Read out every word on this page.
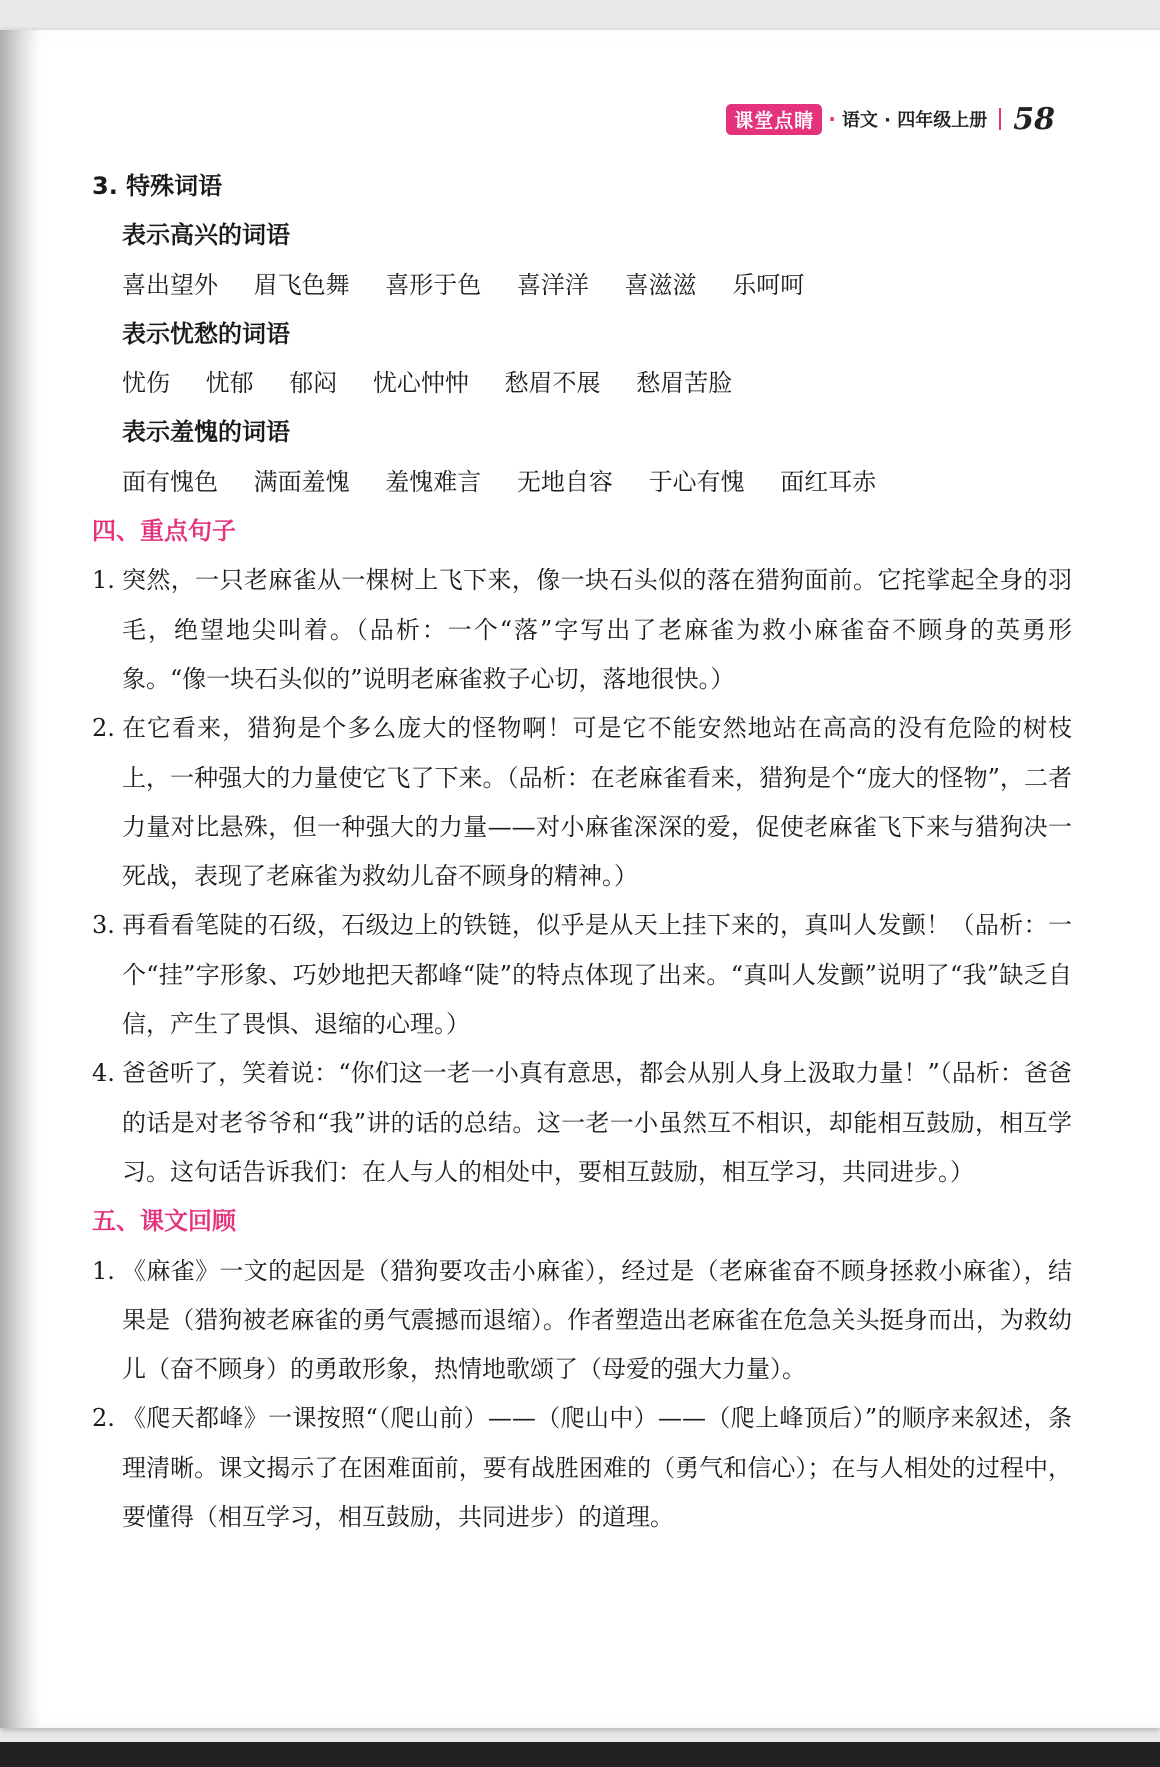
课堂点睛 · 语文 · 四年级上册 58
3. 特殊词语
表示高兴的词语
喜出望外 眉飞色舞 喜形于色 喜洋洋 喜滋滋 乐呵呵
表示忧愁的词语
忧伤 忧郁 郁闷 忧心忡忡 愁眉不展 愁眉苦脸
表示羞愧的词语
面有愧色 满面羞愧 羞愧难言 无地自容 于心有愧 面红耳赤
四、重点句子
1. 突然，一只老麻雀从一棵树上飞下来，像一块石头似的落在猎狗面前。它挓挲起全身的羽毛，绝望地尖叫着。（品析：一个“落”字写出了老麻雀为救小麻雀奋不顾身的英勇形象。“像一块石头似的”说明老麻雀救子心切，落地很快。）
2. 在它看来，猎狗是个多么庞大的怪物啊！可是它不能安然地站在高高的没有危险的树枝上，一种强大的力量使它飞了下来。（品析：在老麻雀看来，猎狗是个“庞大的怪物”，二者力量对比悬殊，但一种强大的力量——对小麻雀深深的爱，促使老麻雀飞下来与猎狗决一死战，表现了老麻雀为救幼儿奋不顾身的精神。）
3. 再看看笔陡的石级，石级边上的铁链，似乎是从天上挂下来的，真叫人发颤！（品析：一个“挂”字形象、巧妙地把天都峰“陡”的特点体现了出来。“真叫人发颤”说明了“我”缺乏自信，产生了畏惧、退缩的心理。）
4. 爸爸听了，笑着说：“你们这一老一小真有意思，都会从别人身上汲取力量！”（品析：爸爸的话是对老爷爷和“我”讲的话的总结。这一老一小虽然互不相识，却能相互鼓励，相互学习。这句话告诉我们：在人与人的相处中，要相互鼓励，相互学习，共同进步。）
五、课文回顾
1. 《麻雀》一文的起因是（猎狗要攻击小麻雀），经过是（老麻雀奋不顾身拯救小麻雀），结果是（猎狗被老麻雀的勇气震撼而退缩）。作者塑造出老麻雀在危急关头挺身而出，为救幼儿（奋不顾身）的勇敢形象，热情地歌颂了（母爱的强大力量）。
2. 《爬天都峰》一课按照“（爬山前）——（爬山中）——（爬上峰顶后）”的顺序来叙述，条理清晰。课文揭示了在困难面前，要有战胜困难的（勇气和信心）；在与人相处的过程中，要懂得（相互学习，相互鼓励，共同进步）的道理。
